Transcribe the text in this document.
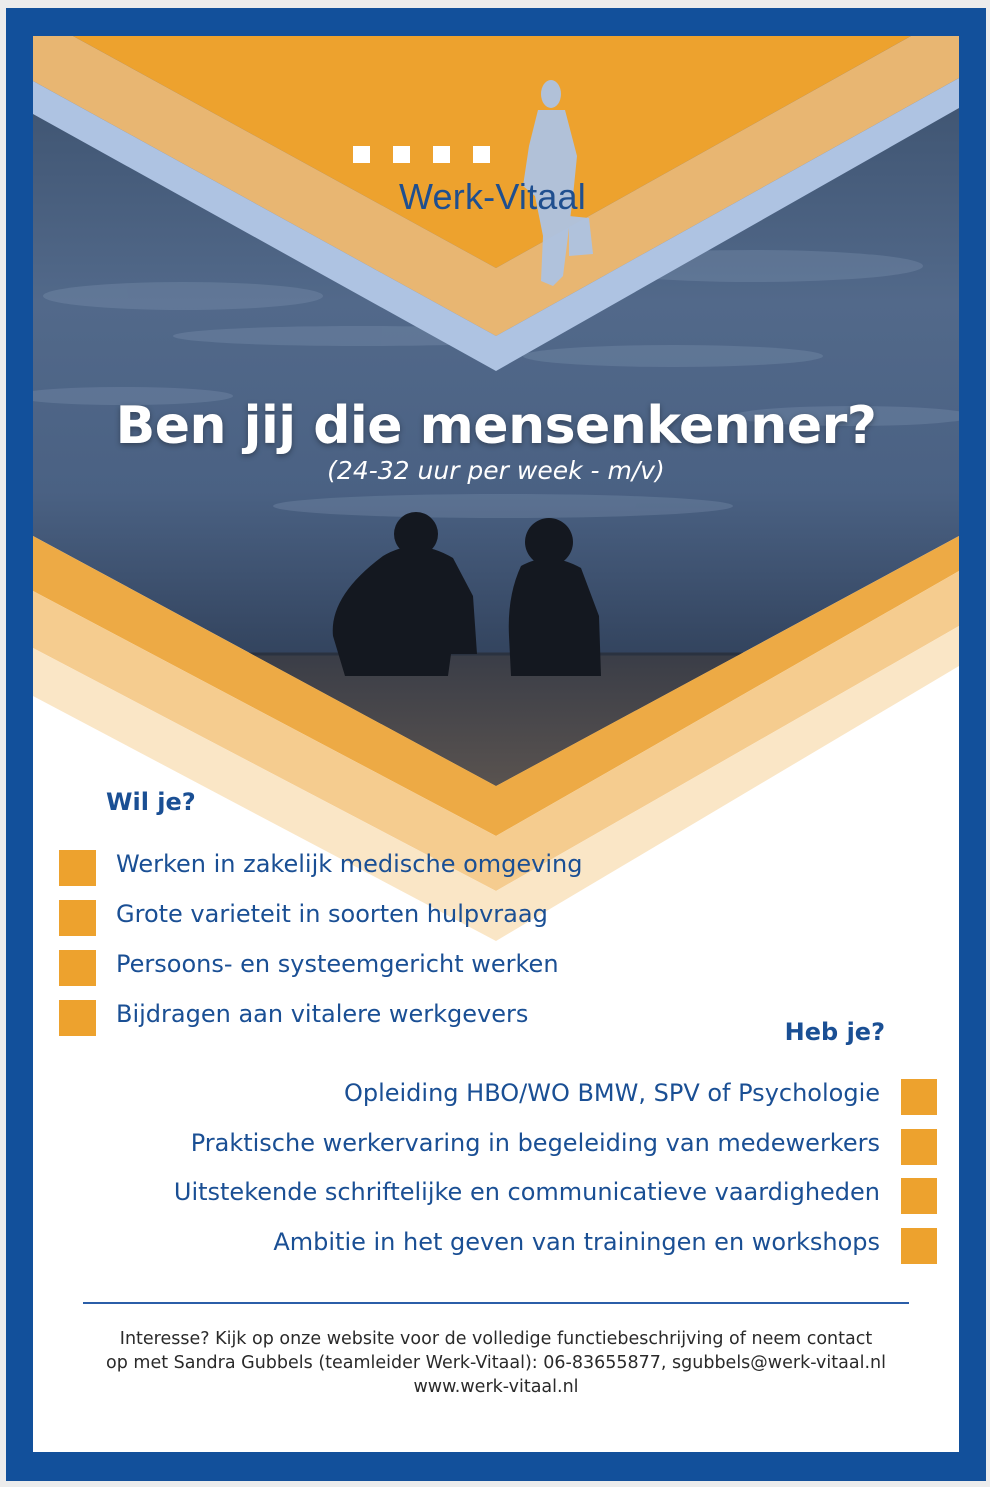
Werk-Vitaal
Ben jij die mensenkenner?
(24-32 uur per week - m/v)
Wil je?
Werken in zakelijk medische omgeving
Grote varieteit in soorten hulpvraag
Persoons- en systeemgericht werken
Bijdragen aan vitalere werkgevers
Heb je?
Opleiding HBO/WO BMW, SPV of Psychologie
Praktische werkervaring in begeleiding van medewerkers
Uitstekende schriftelijke en communicatieve vaardigheden
Ambitie in het geven van trainingen en workshops
Interesse? Kijk op onze website voor de volledige functiebeschrijving of neem contact
op met Sandra Gubbels (teamleider Werk-Vitaal): 06-83655877, sgubbels@werk-vitaal.nl
www.werk-vitaal.nl
